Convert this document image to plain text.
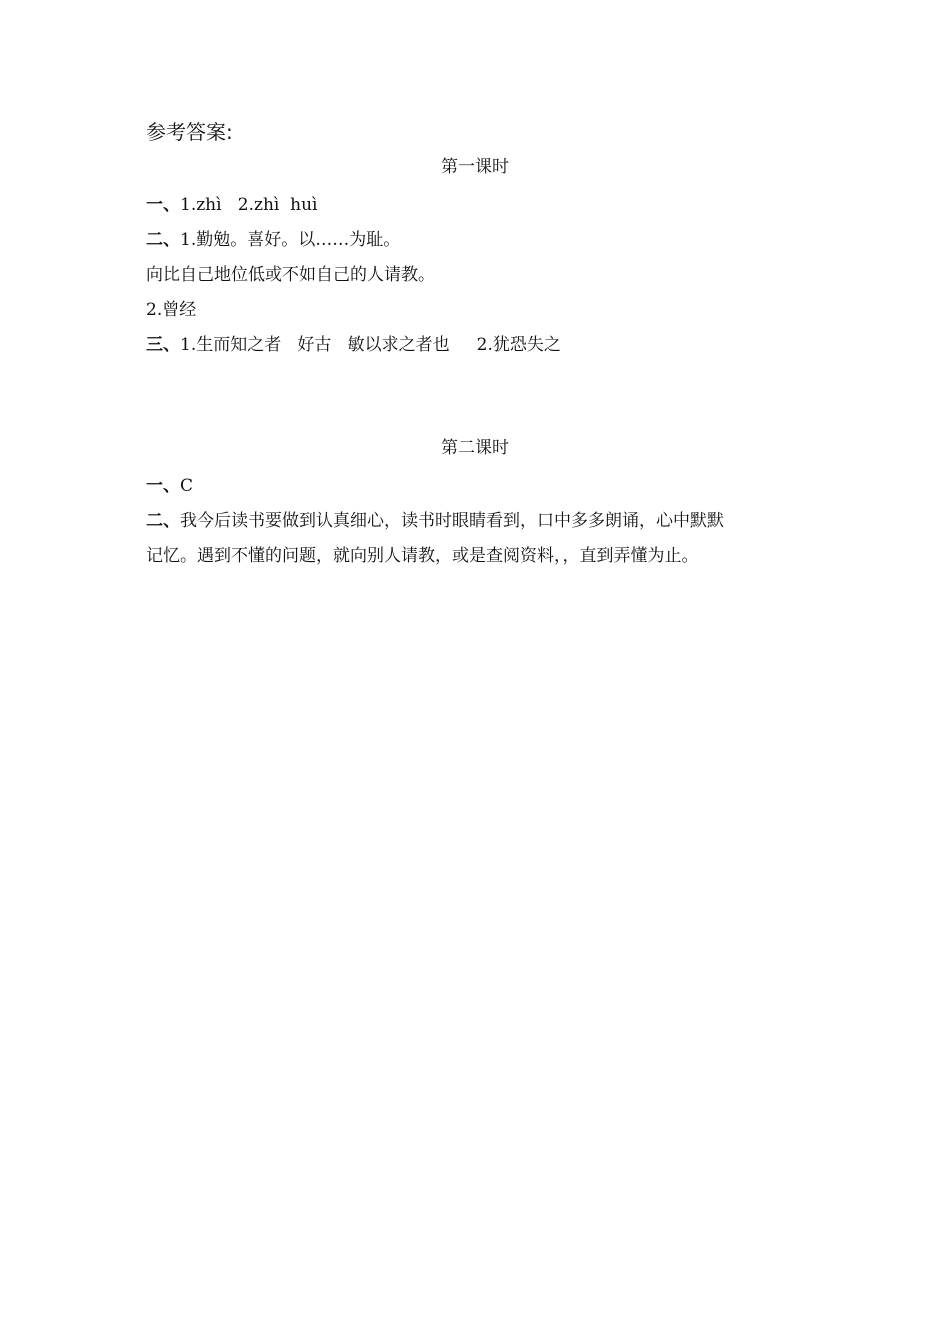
参考答案:
第一课时
一、1.zhì   2.zhì  huì
二、1.勤勉。喜好。以……为耻。
向比自己地位低或不如自己的人请教。
2.曾经
三、1.生而知之者   好古   敏以求之者也     2.犹恐失之
第二课时
一、C
二、我今后读书要做到认真细心，读书时眼睛看到，口中多多朗诵，心中默默
记忆。遇到不懂的问题，就向别人请教，或是查阅资料，，直到弄懂为止。
